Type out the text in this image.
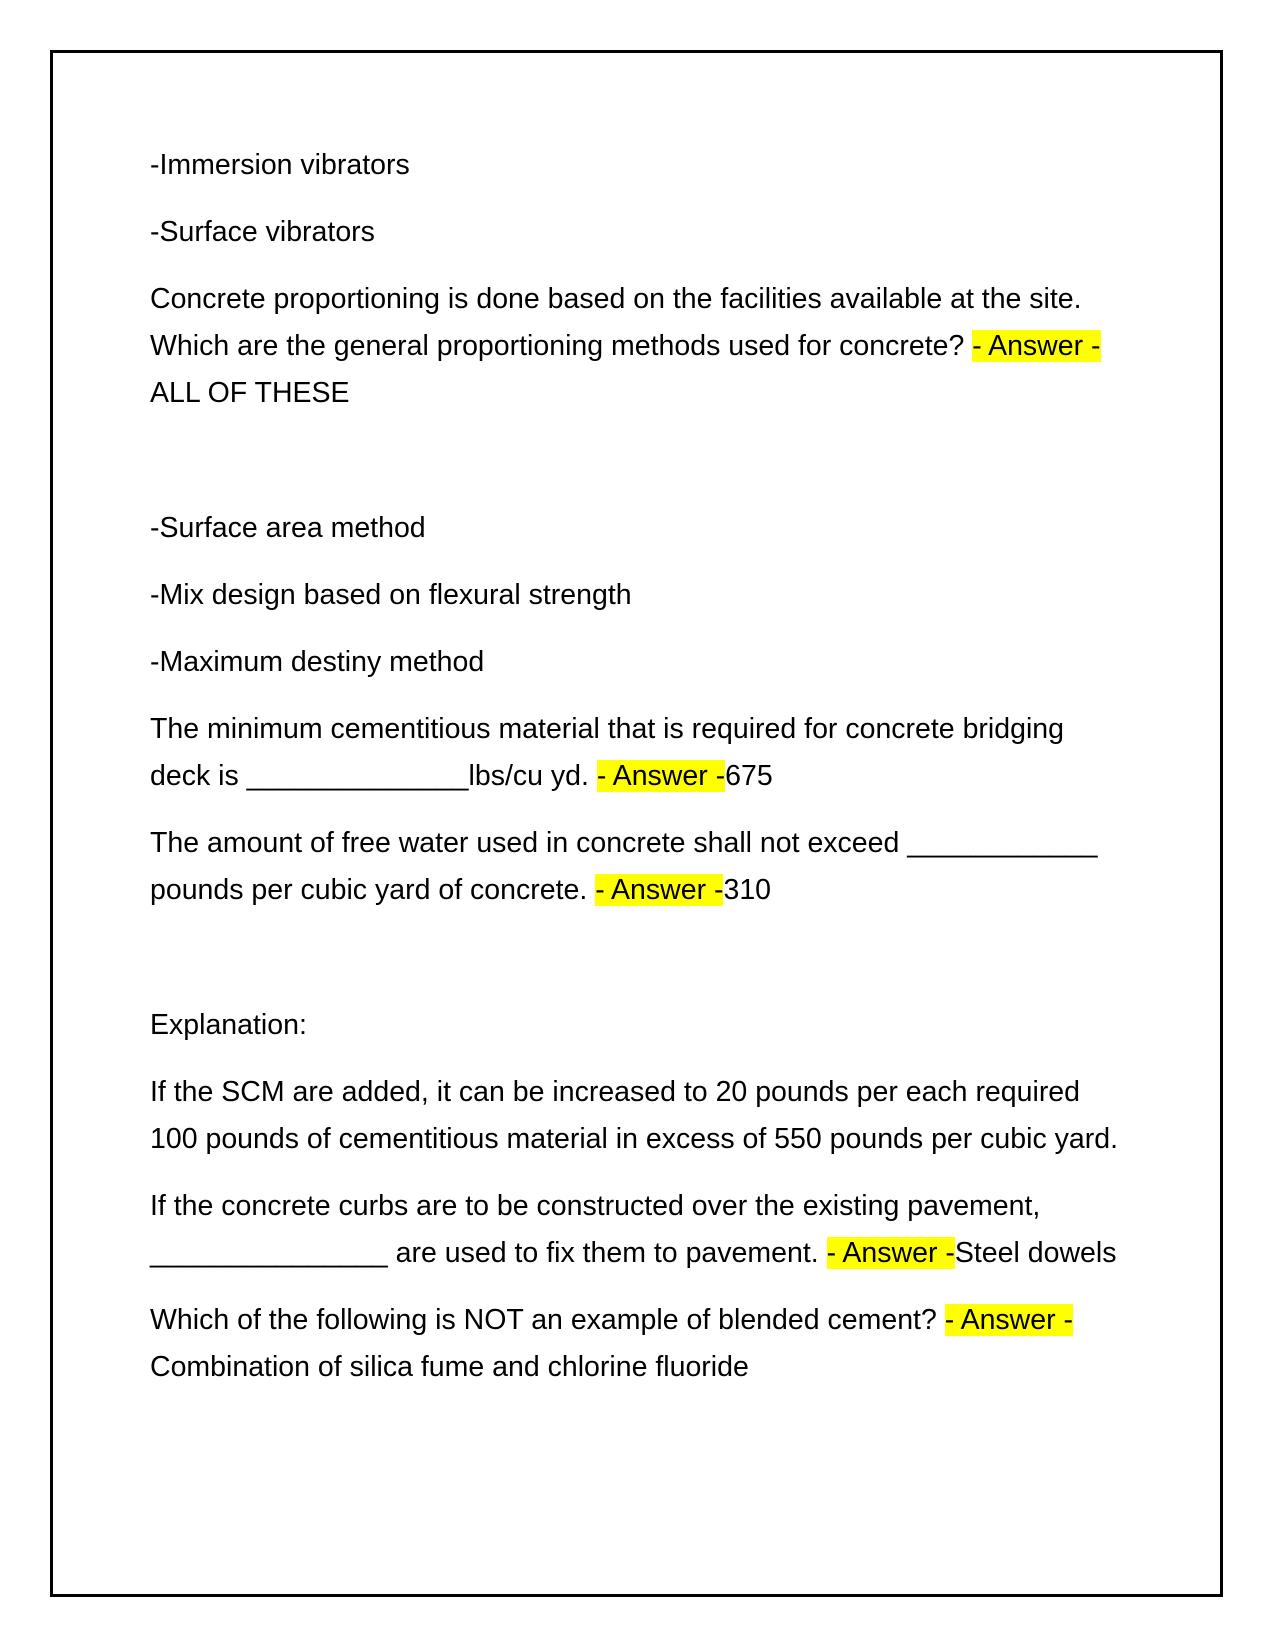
-Immersion vibrators

-Surface vibrators

Concrete proportioning is done based on the facilities available at the site. Which are the general proportioning methods used for concrete? - Answer -ALL OF THESE

-Surface area method

-Mix design based on flexural strength

-Maximum destiny method

The minimum cementitious material that is required for concrete bridging deck is ______________lbs/cu yd. - Answer -675

The amount of free water used in concrete shall not exceed ____________ pounds per cubic yard of concrete. - Answer -310

Explanation:

If the SCM are added, it can be increased to 20 pounds per each required 100 pounds of cementitious material in excess of 550 pounds per cubic yard.

If the concrete curbs are to be constructed over the existing pavement, _______________ are used to fix them to pavement. - Answer -Steel dowels

Which of the following is NOT an example of blended cement? - Answer -Combination of silica fume and chlorine fluoride
